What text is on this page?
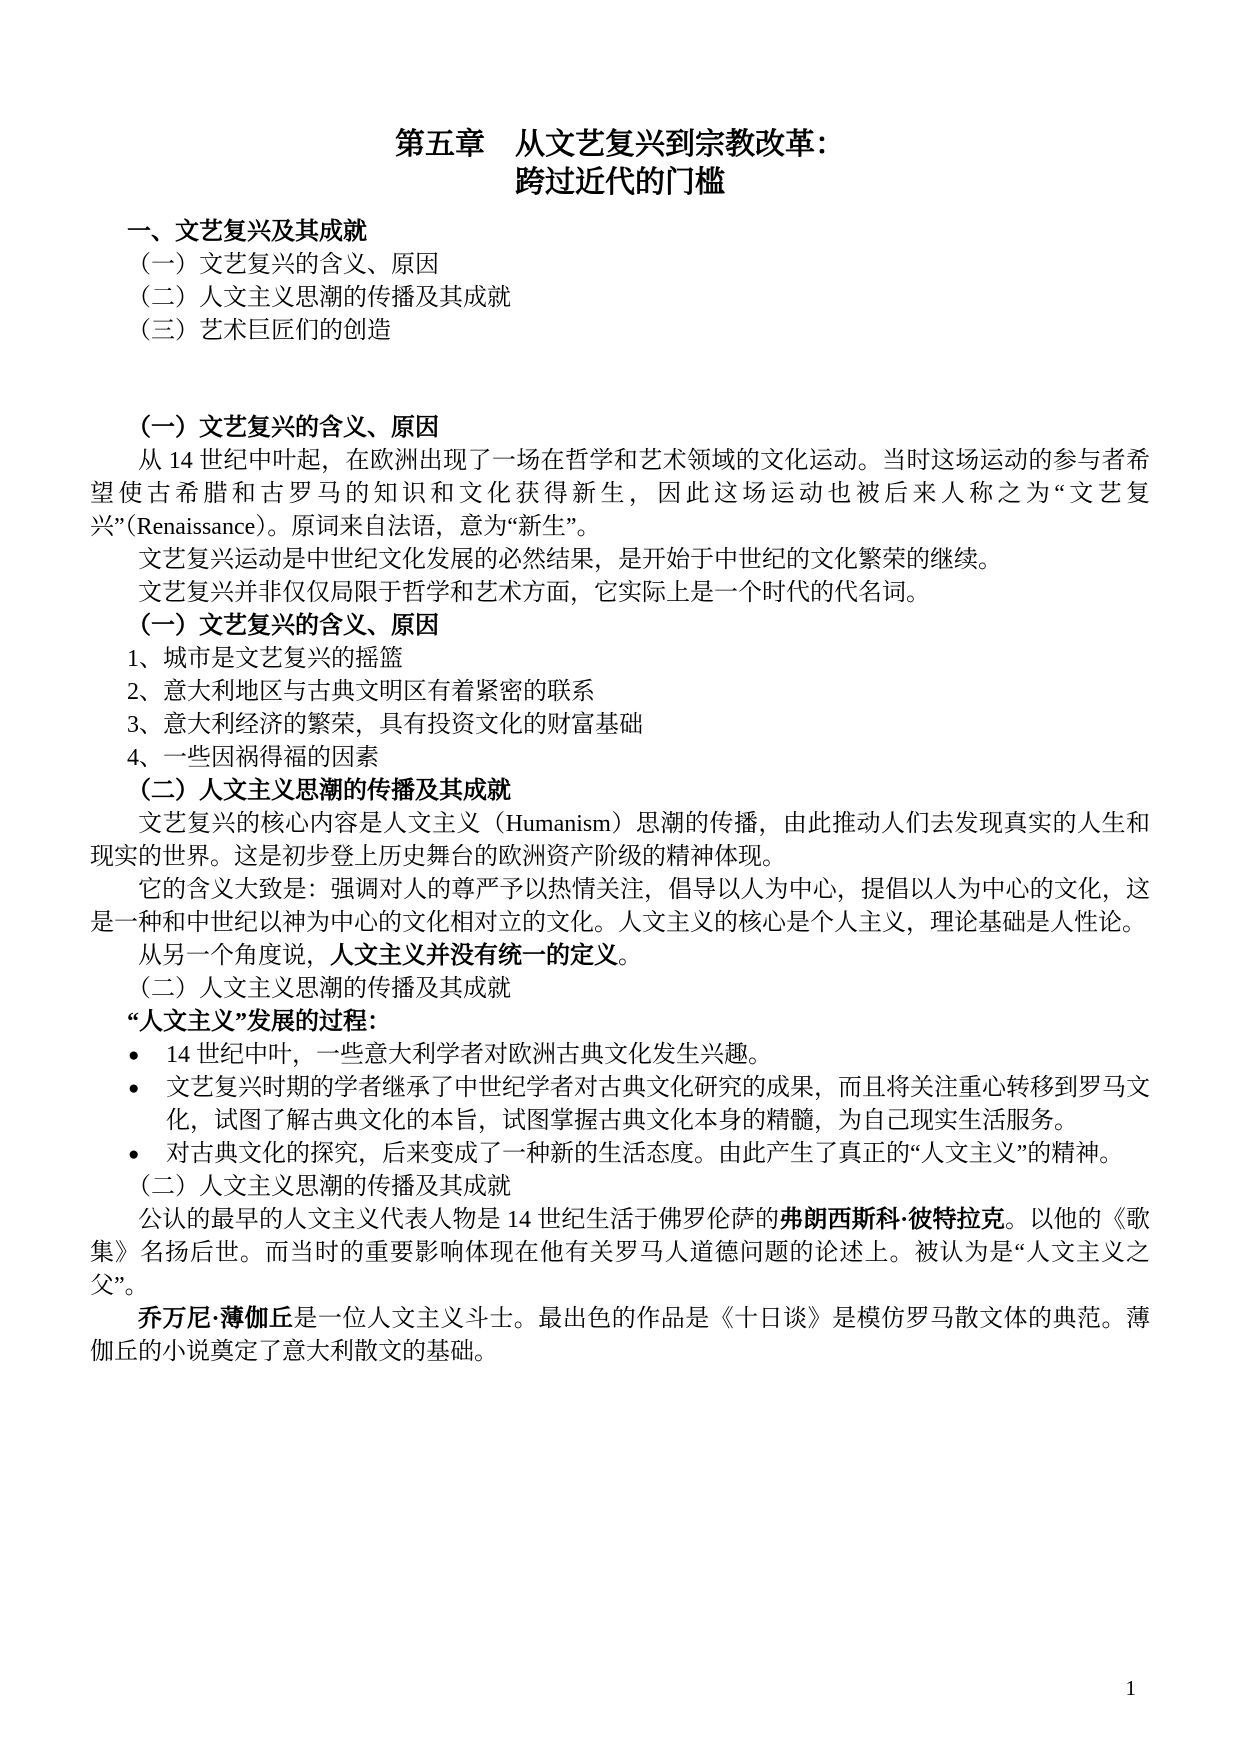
第五章　从文艺复兴到宗教改革：
跨过近代的门槛
一、文艺复兴及其成就
（一）文艺复兴的含义、原因
（二）人文主义思潮的传播及其成就
（三）艺术巨匠们的创造
（一）文艺复兴的含义、原因
从 14 世纪中叶起，在欧洲出现了一场在哲学和艺术领域的文化运动。当时这场运动的参与者希望使古希腊和古罗马的知识和文化获得新生，因此这场运动也被后来人称之为“文艺复兴”（Renaissance）。原词来自法语，意为“新生”。
文艺复兴运动是中世纪文化发展的必然结果，是开始于中世纪的文化繁荣的继续。
文艺复兴并非仅仅局限于哲学和艺术方面，它实际上是一个时代的代名词。
（一）文艺复兴的含义、原因
1、城市是文艺复兴的摇篮
2、意大利地区与古典文明区有着紧密的联系
3、意大利经济的繁荣，具有投资文化的财富基础
4、一些因祸得福的因素
（二）人文主义思潮的传播及其成就
文艺复兴的核心内容是人文主义（Humanism）思潮的传播，由此推动人们去发现真实的人生和现实的世界。这是初步登上历史舞台的欧洲资产阶级的精神体现。
它的含义大致是：强调对人的尊严予以热情关注，倡导以人为中心，提倡以人为中心的文化，这是一种和中世纪以神为中心的文化相对立的文化。人文主义的核心是个人主义，理论基础是人性论。
从另一个角度说，人文主义并没有统一的定义。
（二）人文主义思潮的传播及其成就
“人文主义”发展的过程：
● 14 世纪中叶，一些意大利学者对欧洲古典文化发生兴趣。
● 文艺复兴时期的学者继承了中世纪学者对古典文化研究的成果，而且将关注重心转移到罗马文化，试图了解古典文化的本旨，试图掌握古典文化本身的精髓，为自己现实生活服务。
● 对古典文化的探究，后来变成了一种新的生活态度。由此产生了真正的“人文主义”的精神。
（二）人文主义思潮的传播及其成就
公认的最早的人文主义代表人物是 14 世纪生活于佛罗伦萨的弗朗西斯科·彼特拉克。以他的《歌集》名扬后世。而当时的重要影响体现在他有关罗马人道德问题的论述上。被认为是“人文主义之父”。
乔万尼·薄伽丘是一位人文主义斗士。最出色的作品是《十日谈》是模仿罗马散文体的典范。薄伽丘的小说奠定了意大利散文的基础。
1
